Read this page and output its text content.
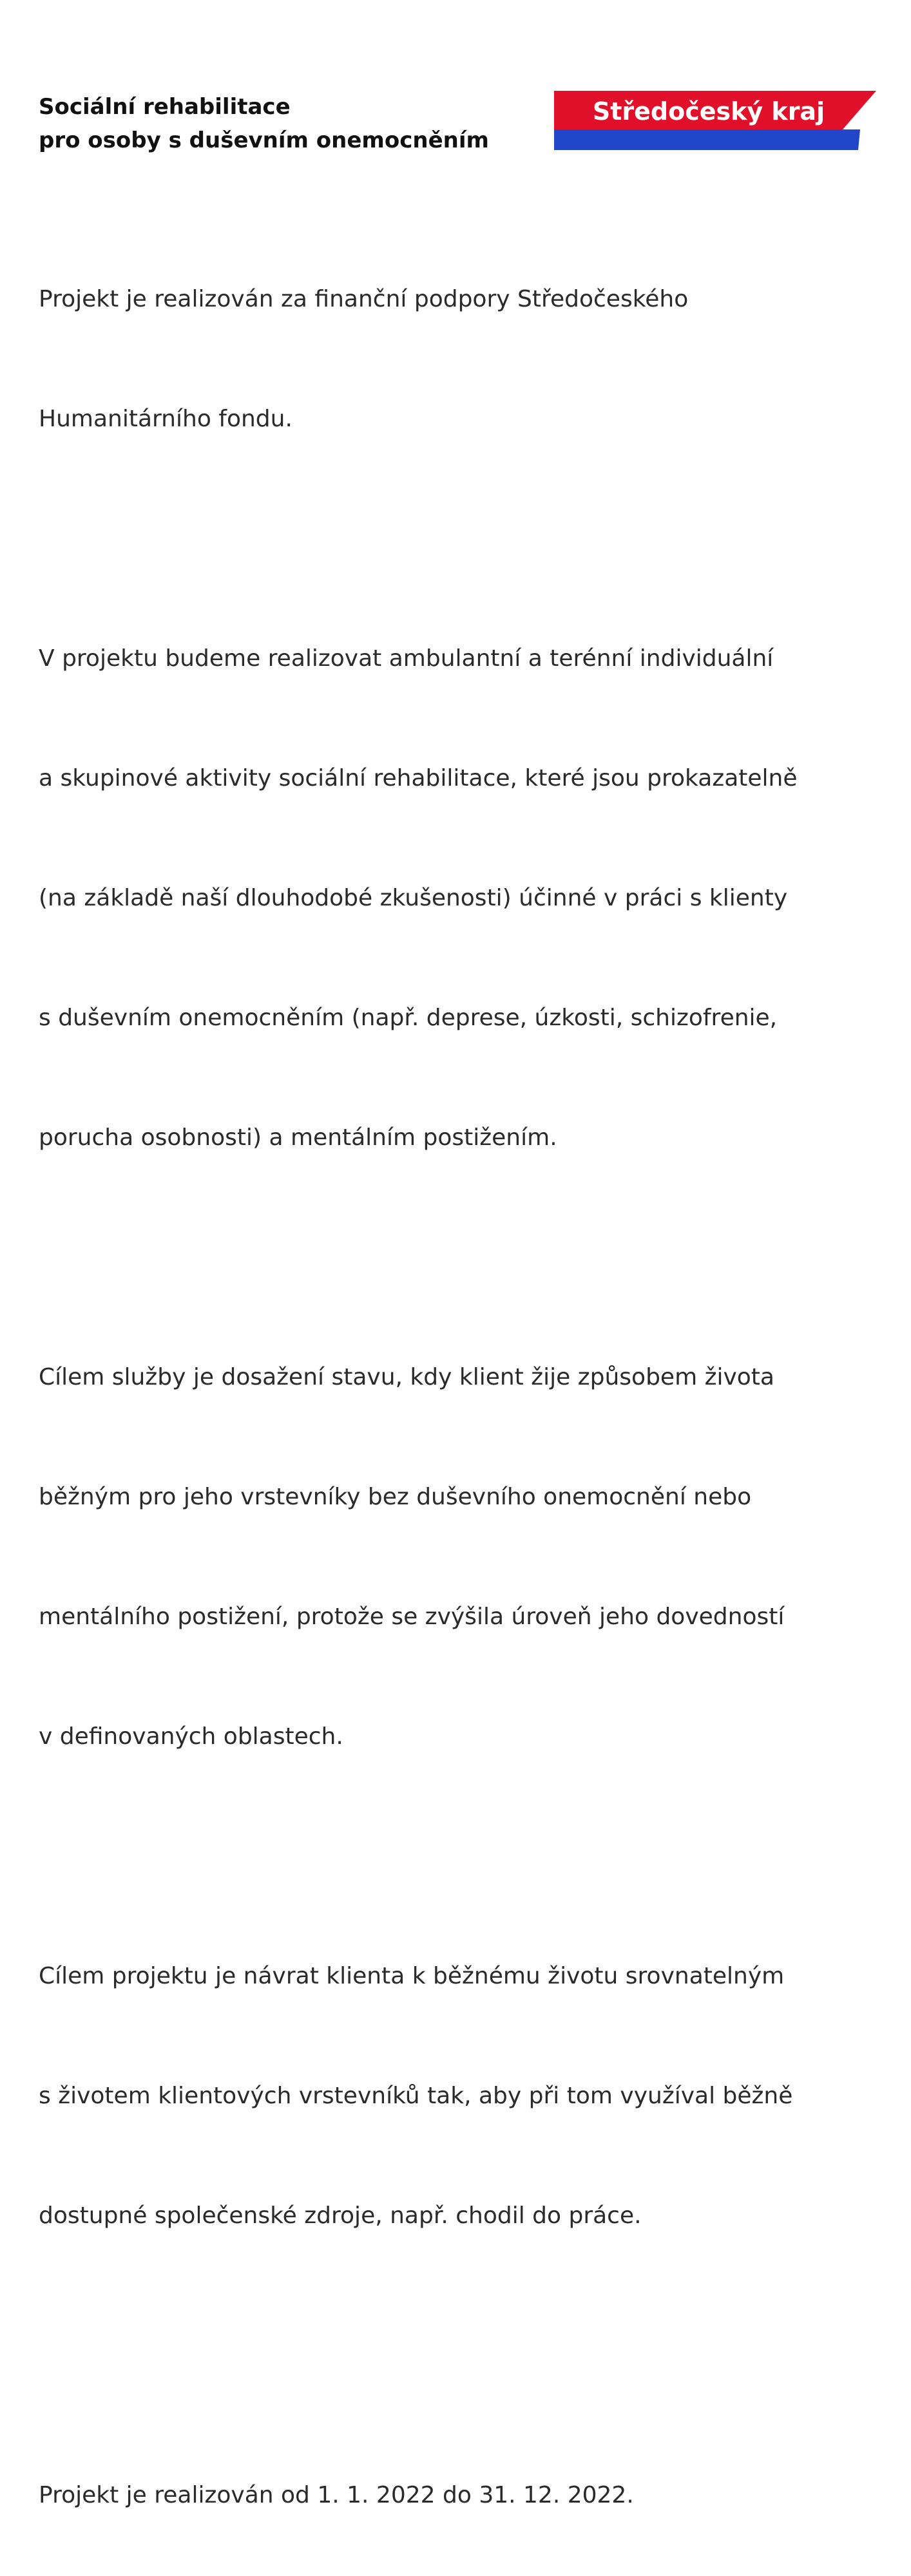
Sociální rehabilitace
pro osoby s duševním onemocněním
Středočeský kraj

Projekt je realizován za finanční podpory Středočeského

Humanitárního fondu.

V projektu budeme realizovat ambulantní a terénní individuální

a skupinové aktivity sociální rehabilitace, které jsou prokazatelně

(na základě naší dlouhodobé zkušenosti) účinné v práci s klienty

s duševním onemocněním (např. deprese, úzkosti, schizofrenie,

porucha osobnosti) a mentálním postižením.

Cílem služby je dosažení stavu, kdy klient žije způsobem života

běžným pro jeho vrstevníky bez duševního onemocnění nebo

mentálního postižení, protože se zvýšila úroveň jeho dovedností

v definovaných oblastech.

Cílem projektu je návrat klienta k běžnému životu srovnatelným

s životem klientových vrstevníků tak, aby při tom využíval běžně

dostupné společenské zdroje, např. chodil do práce.

Projekt je realizován od 1. 1. 2022 do 31. 12. 2022.
